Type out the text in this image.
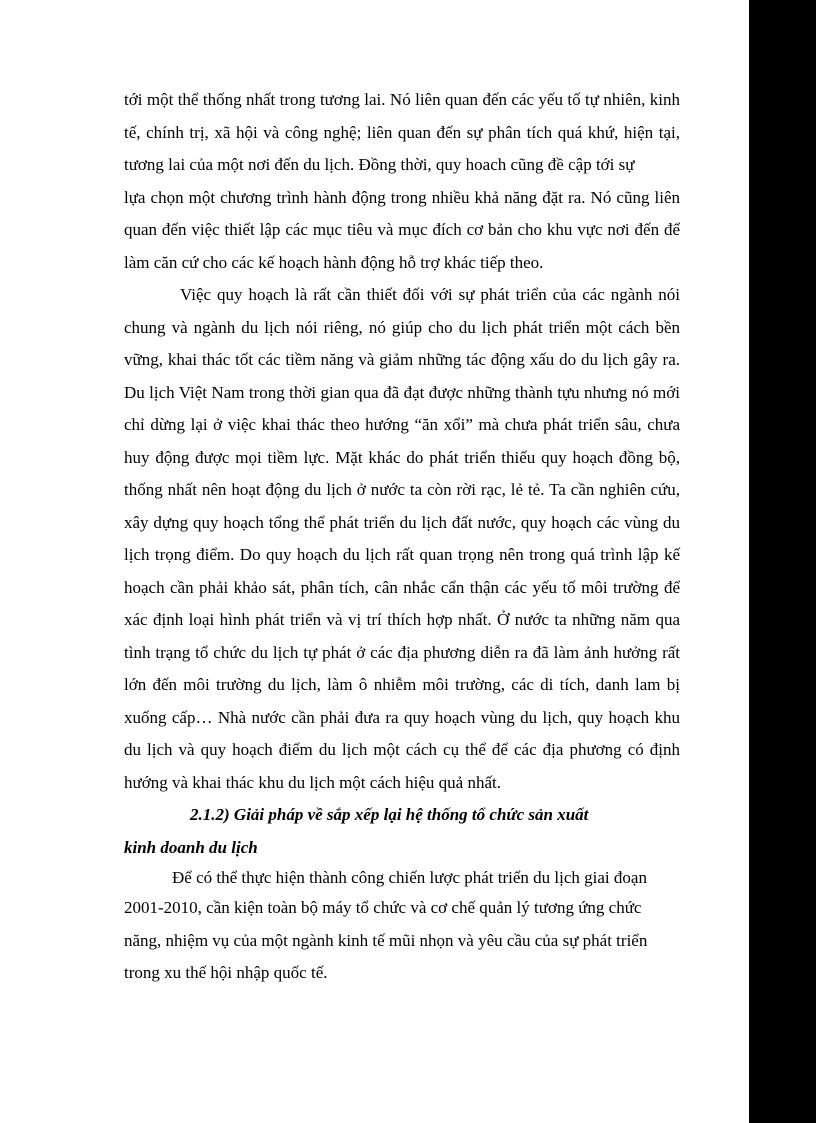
tới một thể thống nhất trong tương lai. Nó liên quan đến các yếu tố tự nhiên, kinh tế, chính trị, xã hội và công nghệ; liên quan đến sự phân tích quá khứ, hiện tại, tương lai của một nơi đến du lịch. Đồng thời, quy hoach cũng đề cập tới sự

lựa chọn một chương trình hành động trong nhiều khả năng đặt ra. Nó cũng liên quan đến việc thiết lập các mục tiêu và mục đích cơ bản cho khu vực nơi đến để làm căn cứ cho các kế hoạch hành động hỗ trợ khác tiếp theo.

Việc quy hoạch là rất cần thiết đối với sự phát triển của các ngành nói chung và ngành du lịch nói riêng, nó giúp cho du lịch phát triển một cách bền vững, khai thác tốt các tiềm năng và giảm những tác động xấu do du lịch gây ra. Du lịch Việt Nam trong thời gian qua đã đạt được những thành tựu nhưng nó mới chỉ dừng lại ở việc khai thác theo hướng “ăn xổi” mà chưa phát triển sâu, chưa huy động được mọi tiềm lực. Mặt khác do phát triển thiếu quy hoạch đồng bộ, thống nhất nên hoạt động du lịch ở nước ta còn rời rạc, lẻ tẻ. Ta cần nghiên cứu, xây dựng quy hoạch tổng thể phát triển du lịch đất nước, quy hoạch các vùng du lịch trọng điểm. Do quy hoạch du lịch rất quan trọng nên trong quá trình lập kế hoạch cần phải khảo sát, phân tích, cân nhắc cẩn thận các yếu tố môi trường để xác định loại hình phát triển và vị trí thích hợp nhất. Ở nước ta những năm qua tình trạng tổ chức du lịch tự phát ở các địa phương diễn ra đã làm ảnh hưởng rất lớn đến môi trường du lịch, làm ô nhiễm môi trường, các di tích, danh lam bị xuống cấp… Nhà nước cần phải đưa ra quy hoạch vùng du lịch, quy hoạch khu du lịch và quy hoạch điểm du lịch một cách cụ thể để các địa phương có định hướng và khai thác khu du lịch một cách hiệu quả nhất.

2.1.2) Giải pháp về sắp xếp lại hệ thống tổ chức sản xuất
kinh doanh du lịch
Để có thể thực hiện thành công chiến lược phát triển du lịch giai đoạn

2001-2010, cần kiện toàn bộ máy tổ chức và cơ chế quản lý tương ứng chức năng, nhiệm vụ của một ngành kinh tế mũi nhọn và yêu cầu của sự phát triển trong xu thế hội nhập quốc tế.
